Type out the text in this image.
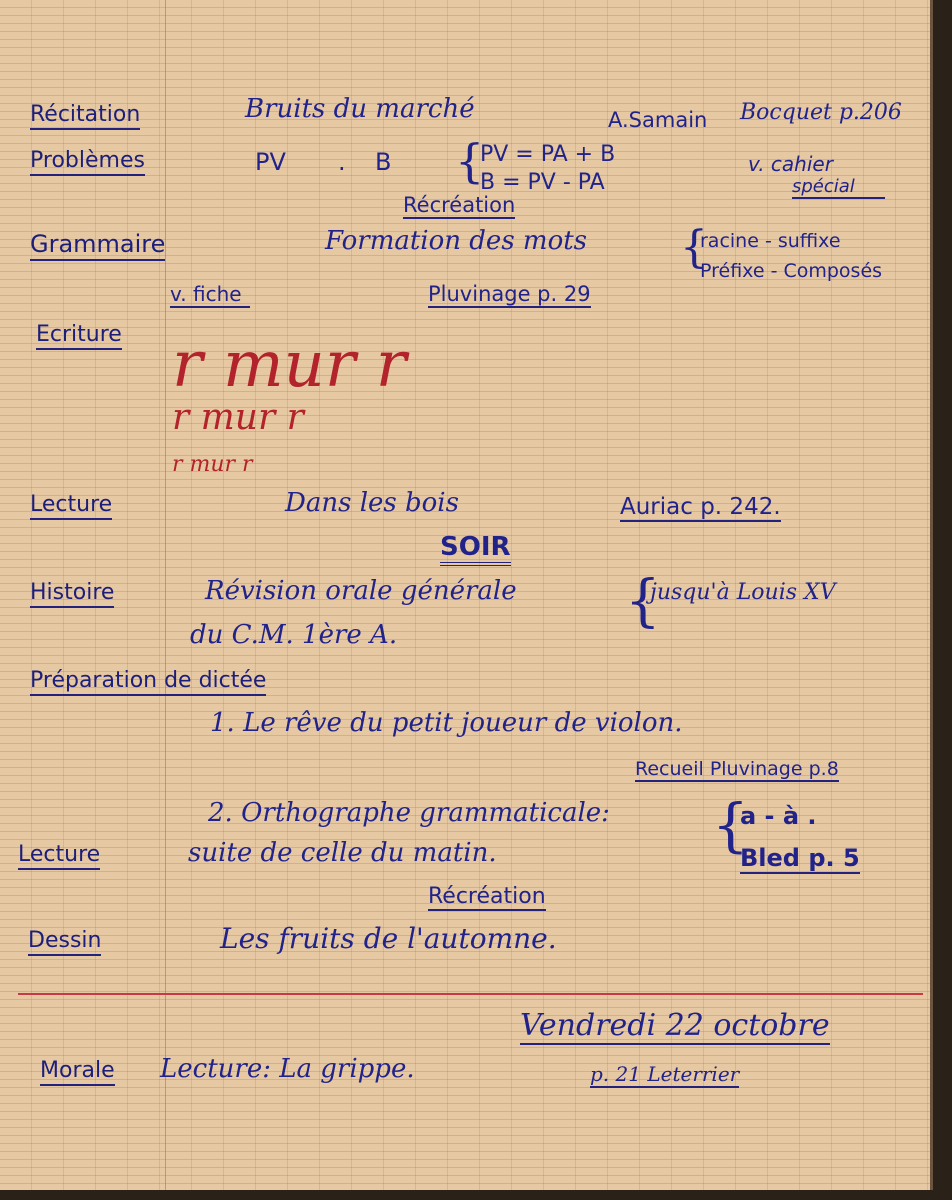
Récitation	Bruits du marché	A.Samain Bocquet p.206
Problèmes	PV . B {
PV = PA + B
B = PV - PA
v. cahier
spécial
Récréation
Grammaire	Formation des mots {
racine - suffixe
Préfixe - Composés
v. fiche	Pluvinage p. 29
Ecriture r mur r
r mur r
r mur r
Lecture	Dans les bois	Auriac p. 242.
SOIR
Histoire	Révision orale générale
du C.M. 1ère A.
{
jusqu'à Louis XV
Préparation de dictée
1. Le rêve du petit joueur de violon.
Recueil Pluvinage p.8
2. Orthographe grammaticale: {
a - à .
Lecture	suite de celle du matin.	Bled p. 5
Récréation
Dessin	Les fruits de l'automne.
Vendredi 22 octobre
Morale Lecture: La grippe.	p. 21 Leterrier
